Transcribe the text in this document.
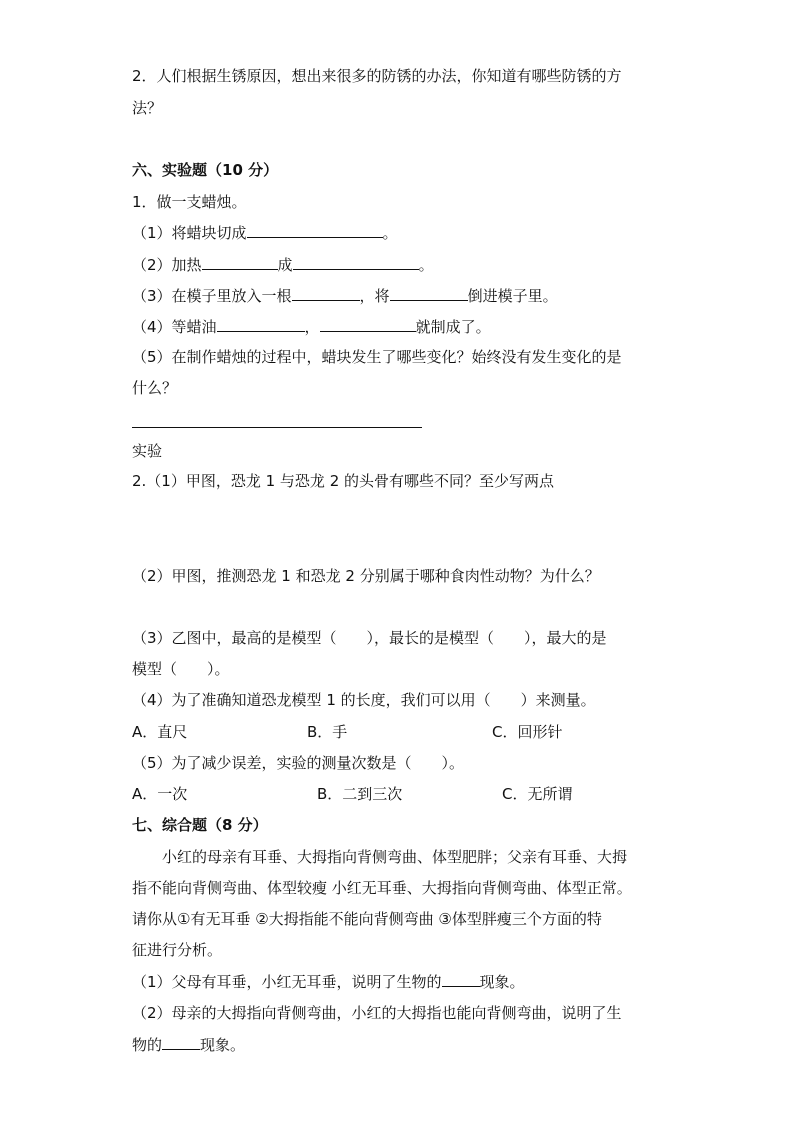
2．人们根据生锈原因，想出来很多的防锈的办法，你知道有哪些防锈的方
法？
六、实验题（10 分）
1．做一支蜡烛。
（1）将蜡块切成	。
（2）加热	成	。
（3）在模子里放入一根	，将	倒进模子里。
（4）等蜡油	，	就制成了。
（5）在制作蜡烛的过程中，蜡块发生了哪些变化？始终没有发生变化的是
什么？
实验
2.（1）甲图，恐龙 1 与恐龙 2 的头骨有哪些不同？至少写两点
（2）甲图，推测恐龙 1 和恐龙 2 分别属于哪种食肉性动物？为什么？
（3）乙图中，最高的是模型（　　），最长的是模型（　　），最大的是
模型（　　）。
（4）为了准确知道恐龙模型 1 的长度，我们可以用（　　）来测量。
A．直尺	B．手	C．回形针
（5）为了减少误差，实验的测量次数是（　　）。
A．一次	B．二到三次	C．无所谓
七、综合题（8 分）
小红的母亲有耳垂、大拇指向背侧弯曲、体型肥胖；父亲有耳垂、大拇
指不能向背侧弯曲、体型较瘦 小红无耳垂、大拇指向背侧弯曲、体型正常。
请你从①有无耳垂 ②大拇指能不能向背侧弯曲 ③体型胖瘦三个方面的特
征进行分析。
（1）父母有耳垂，小红无耳垂，说明了生物的	现象。
（2）母亲的大拇指向背侧弯曲，小红的大拇指也能向背侧弯曲，说明了生
物的	现象。
